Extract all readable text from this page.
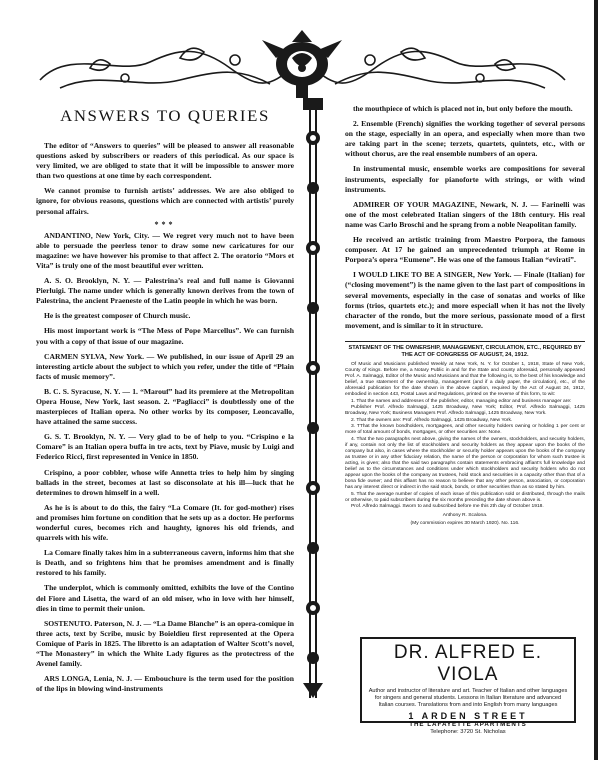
ANSWERS TO QUERIES

The editor of “Answers to queries” will be pleased to answer all reasonable questions asked by subscribers or readers of this periodical. As our space is very limited, we are obliged to state that it will be impossible to answer more than two questions at one time by each correspondent.

We cannot promise to furnish artists’ addresses. We are also obliged to ignore, for obvious reasons, questions which are connected with artistis’ purely personal affairs.

***

ANDANTINO, New York, City. — We regret very much not to have been able to persuade the peerless tenor to draw some new caricatures for our magazine: we have however his promise to that affect 2. The oratorio “Mors et Vita” is truly one of the most beautiful ever written.

A. S. O. Brooklyn, N. Y. — Palestrina’s real and full name is Giovanni Pierluigi. The name under which is generally known derives from the town of Palestrina, the ancient Praeneste of the Latin people in which he was born.

He is the greatest composer of Church music.

His most important work is “The Mess of Pope Marcellus”. We can furnish you with a copy of that issue of our magazine.

CARMEN SYLVA, New York. — We published, in our issue of April 29 an interesting article about the subject to which you refer, under the title of “Plain facts of music memory”.

B. C. S. Syracuse, N. Y. — 1. “Marouf” had its premiere at the Metropolitan Opera House, New York, last season. 2. “Pagliacci” is doubtlessly one of the masterpieces of Italian opera. No other works by its composer, Leoncavallo, have attained the same success.

G. S. T. Brooklyn, N. Y. — Very glad to be of help to you. “Crispino e la Comare” is an Italian opera buffa in tre acts, text by Piave, music by Luigi and Federico Ricci, first represented in Venice in 1850.

Crispino, a poor cobbler, whose wife Annetta tries to help him by singing ballads in the street, becomes at last so disconsolate at his ill—luck that he determines to drown himself in a well.

As he is is about to do this, the fairy “La Comare (It. for god-mother) rises and promises him fortune on condition that he sets up as a doctor. He performs wonderful cures, becomes rich and haughty, ignores his old friends, and quarrels with his wife.

La Comare finally takes him in a subterraneous cavern, informs him that she is Death, and so frightens him that he promises amendment and is finally restored to his family.

The underplot, which is commonly omitted, exhibits the love of the Contino del Fiore and Lisetta, the ward of an old miser, who in love with her himself, dies in time to permit their union.

SOSTENUTO. Paterson, N. J. — “La Dame Blanche” is an opera-comique in three acts, text by Scribe, music by Boieldieu first represented at the Opera Comique of Paris in 1825. The libretto is an adaptation of Walter Scott’s novel, “The Monastery” in which the White Lady figures as the protectress of the Avenel family.

ARS LONGA, Lenia, N. J. — Embouchure is the term used for the position of the lips in blowing wind-instruments

the mouthpiece of which is placed not in, but only before the mouth.

2. Ensemble (French) signifies the working together of several persons on the stage, especially in an opera, and especially when more than two are taking part in the scene; terzets, quartets, quintets, etc., with or without chorus, are the real ensemble numbers of an opera.

In instrumental music, ensemble works are compositions for several instruments, especially for pianoforte with strings, or with wind instruments.

ADMIRER OF YOUR MAGAZINE, Newark, N. J. — Farinelli was one of the most celebrated Italian singers of the 18th century. His real name was Carlo Broschi and he sprang from a noble Neapolitan family.

He received an artistic training from Maestro Porpora, the famous composer. At 17 he gained an unprecedented triumph at Rome in Porpora’s opera “Eumene”. He was one of the famous Italian “evirati”.

I WOULD LIKE TO BE A SINGER, New York. — Finale (Italian) for (“closing movement”) is the name given to the last part of compositions in several movements, especially in the case of sonatas and works of like forms (trios, quartets etc.); and more especiall when it has not the lively character of the rondo, but the more serious, passionate mood of a first movement, and is similar to it in structure.

STATEMENT OF THE OWNERSHIP, MANAGEMENT, CIRCULATION, ETC., REQUIRED BY THE ACT OF CONGRESS OF AUGUST, 24, 1912.

Of Music and Musicians published Weekly at New York, N. Y. for October 1, 1918, State of New York, County of Kings. Before me, a Notary Public in and for the State and county aforesaid, personally appeared Prof. A. Salmaggi, Editor of the Music and Musicians and that the following is, to the best of his knowledge and belief, a true statement of the ownership, management (and if a daily paper, the circulation), etc., of the aforesaid publication for the date shown in the above caption, required by the Act of August 24, 1912, embodied in section 443, Postal Laws and Regulations, printed on the reverse of this form, to wit:

1. That the names and addresses of the publisher, editor, managing editor and business manager are:

Publisher Prof. Alfredo Salmaggi, 1425 Broadway, New York; Editor, Prof. Alfredo Salmaggi, 1425 Broadway, New York; Business Managers Prof. Alfredo Salmaggi, 1425 Broadway, New York.

2. That the owners are: Prof. Alfredo Salmaggi, 1425 Broadway, New York.

3. TThat the known bondholders, mortgagees, and other security holders owning or holding 1 per cent or more of total amount of bonds, mortgages, or other securities are: None.

4. That the two paragraphs next above, giving the names of the owners, stockholders, and security holders, if any, contain not only the list of stockholders and security holders as they appear upon the books of the company but also, in cases where the stockholder or security holder appears upon the books of the company as trustee or in any other fiduciary relation, the name of the person or corporation for whom such trustee is acting, is given; also that the said two paragraphs contain statements embracing affiant’s full knowledge and belief as to the circumstances and conditions under which stockholders and security holders who do not appear upon the books of the company as trustees, hold stock and securities in a capacity other than that of a bona fide owner; and this affiant has no reason to believe that any other person, association, or corporation has any interest direct or indirect in the said stock, bonds, or other securities than as so stated by him.

5. That the average number of copies of each issue of this publication sold or distributed, through the mails or otherwise, to paid subscribers during the six months preceding the date shown above is.

Prof. Alfredo Salmaggi. Sworn to and subscribed before me this 2th day of October 1918.

Anthony R. Scalona.

(My commission expires 30 March 1920). No. 116.

DR. ALFRED E. VIOLA
Author and instructor of literature and art. Teacher of Italian and other languages for singers and general students. Lessons in Italian literature and advanced Italian courses. Translations from and into English from many languages
1 ARDEN STREET
THE LAFAYETTE APARTMENTS
Telephone: 3720 St. Nicholas
